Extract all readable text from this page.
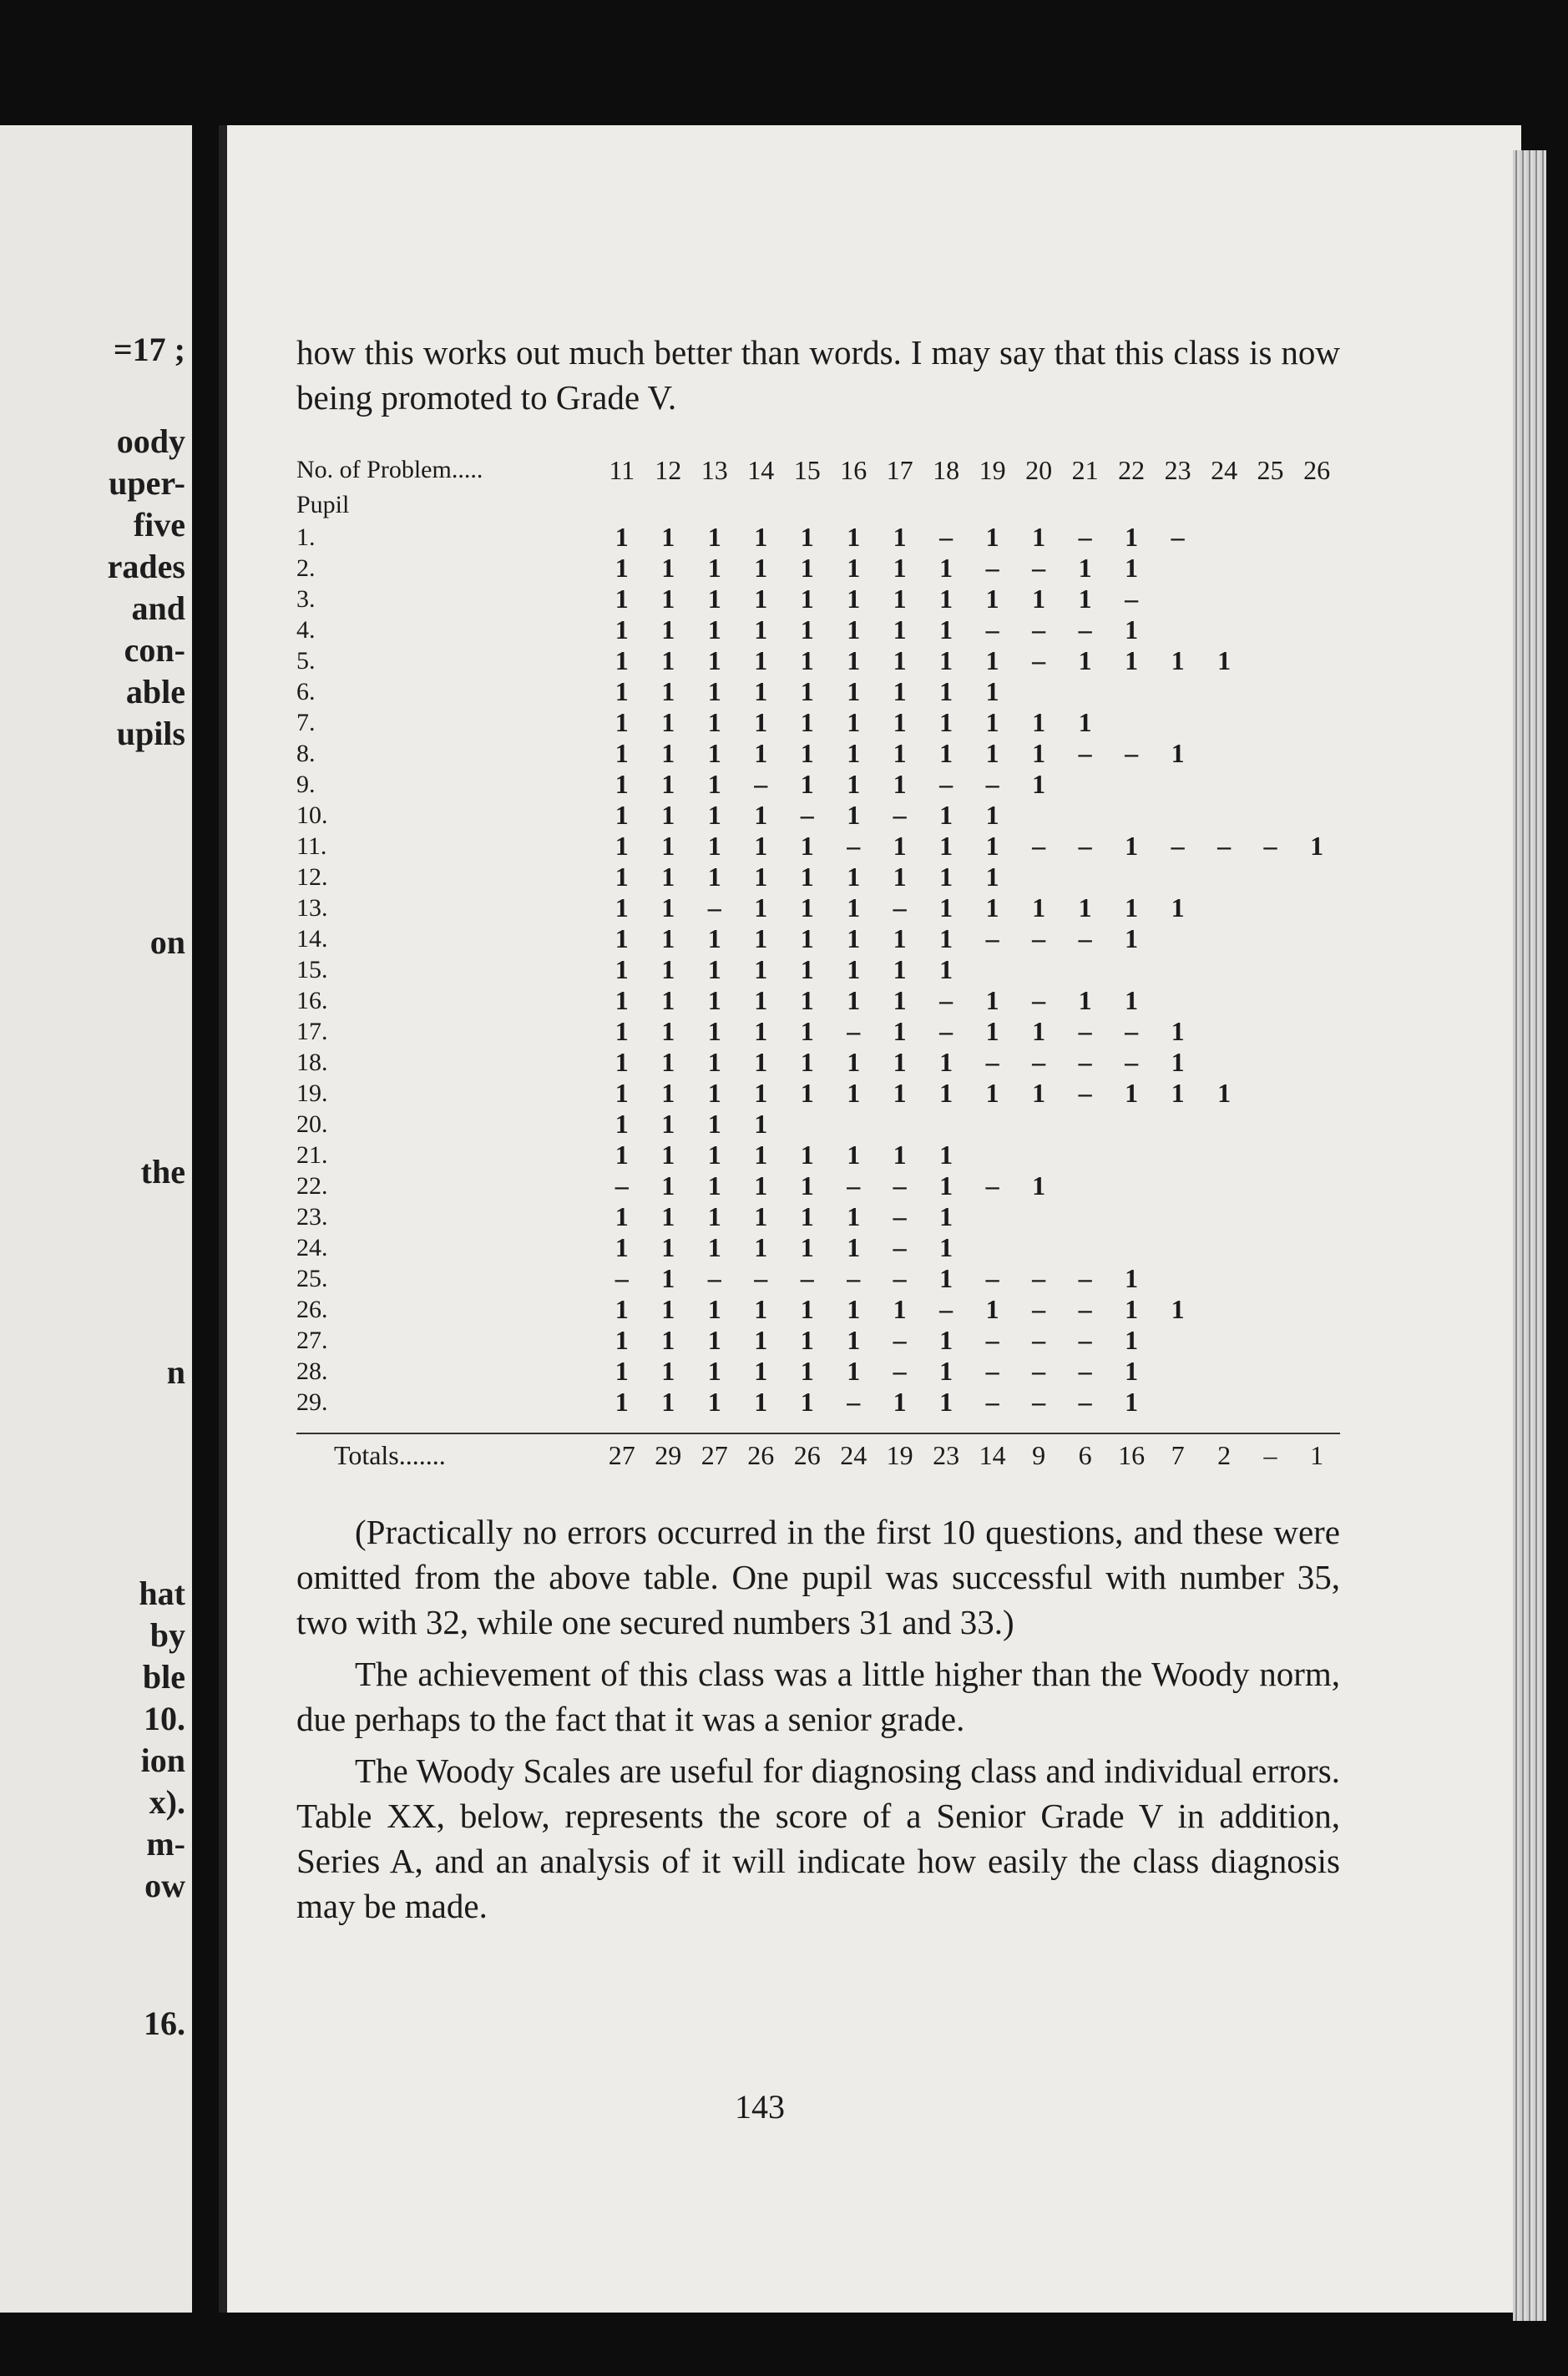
=17 ;
oody
uper-
five
rades
and
con-
able
upils
on
the
n
hat
by
ble
10.
ion
x).
m-
ow
16.

how this works out much better than words. I may say that this class is now being promoted to Grade V.

No. of Problem.....	11	12	13	14	15	16	17	18	19	20	21	22	23	24	25	26
Pupil																
1.	1	1	1	1	1	1	1	–	1	1	–	1	–			
2.	1	1	1	1	1	1	1	1	–	–	1	1				
3.	1	1	1	1	1	1	1	1	1	1	1	–				
4.	1	1	1	1	1	1	1	1	–	–	–	1				
5.	1	1	1	1	1	1	1	1	1	–	1	1	1	1		
6.	1	1	1	1	1	1	1	1	1							
7.	1	1	1	1	1	1	1	1	1	1	1					
8.	1	1	1	1	1	1	1	1	1	1	–	–	1			
9.	1	1	1	–	1	1	1	–	–	1						
10.	1	1	1	1	–	1	–	1	1							
11.	1	1	1	1	1	–	1	1	1	–	–	1	–	–	–	1
12.	1	1	1	1	1	1	1	1	1							
13.	1	1	–	1	1	1	–	1	1	1	1	1	1			
14.	1	1	1	1	1	1	1	1	–	–	–	1				
15.	1	1	1	1	1	1	1	1								
16.	1	1	1	1	1	1	1	–	1	–	1	1				
17.	1	1	1	1	1	–	1	–	1	1	–	–	1			
18.	1	1	1	1	1	1	1	1	–	–	–	–	1			
19.	1	1	1	1	1	1	1	1	1	1	–	1	1	1		
20.	1	1	1	1												
21.	1	1	1	1	1	1	1	1								
22.	–	1	1	1	1	–	–	1	–	1						
23.	1	1	1	1	1	1	–	1								
24.	1	1	1	1	1	1	–	1								
25.	–	1	–	–	–	–	–	1	–	–	–	1				
26.	1	1	1	1	1	1	1	–	1	–	–	1	1			
27.	1	1	1	1	1	1	–	1	–	–	–	1				
28.	1	1	1	1	1	1	–	1	–	–	–	1				
29.	1	1	1	1	1	–	1	1	–	–	–	1				

Totals.......	27	29	27	26	26	24	19	23	14	9	6	16	7	2	–	1

(Practically no errors occurred in the first 10 questions, and these were omitted from the above table. One pupil was successful with number 35, two with 32, while one secured numbers 31 and 33.)

The achievement of this class was a little higher than the Woody norm, due perhaps to the fact that it was a senior grade.

The Woody Scales are useful for diagnosing class and individual errors. Table XX, below, represents the score of a Senior Grade V in addition, Series A, and an analysis of it will indicate how easily the class diagnosis may be made.

143
